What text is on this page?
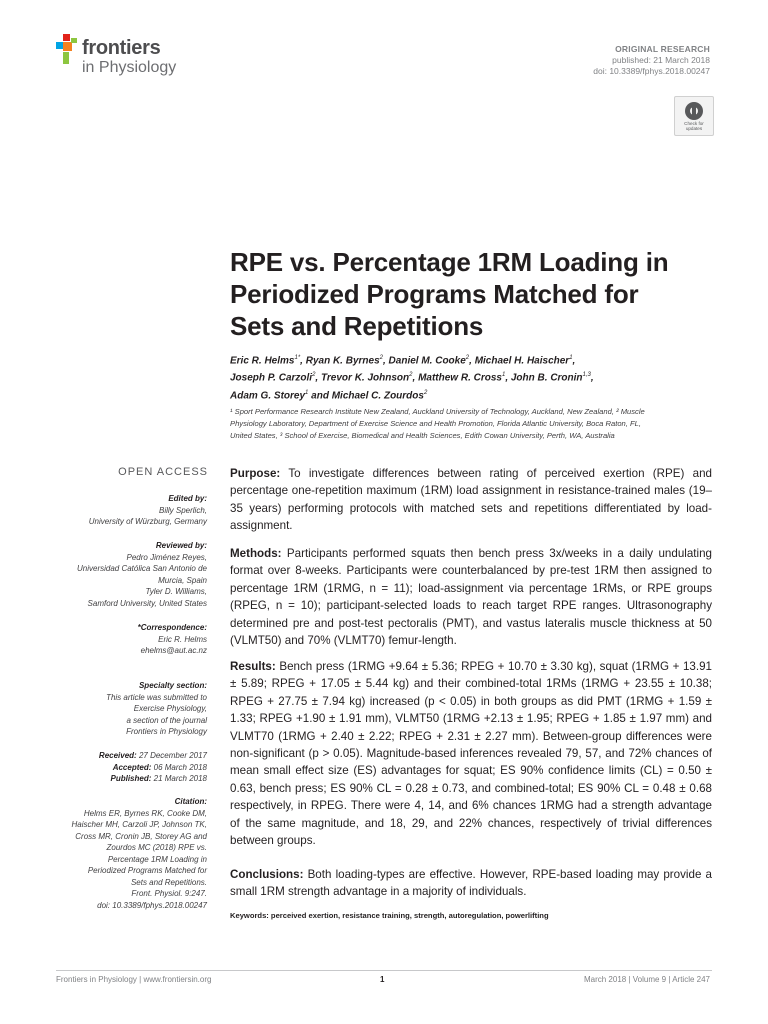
frontiers
in Physiology
ORIGINAL RESEARCH
published: 21 March 2018
doi: 10.3389/fphys.2018.00247
Check for
updates
RPE vs. Percentage 1RM Loading in
Periodized Programs Matched for
Sets and Repetitions
Eric R. Helms$^{1*}$, Ryan K. Byrnes$^2$, Daniel M. Cooke$^2$, Michael H. Haischer$^1$,
Joseph P. Carzoli$^2$, Trevor K. Johnson$^2$, Matthew R. Cross$^1$, John B. Cronin$^{1,3}$,
Adam G. Storey$^1$ and Michael C. Zourdos$^2$
¹ Sport Performance Research Institute New Zealand, Auckland University of Technology, Auckland, New Zealand, ² Muscle
Physiology Laboratory, Department of Exercise Science and Health Promotion, Florida Atlantic University, Boca Raton, FL,
United States, ³ School of Exercise, Biomedical and Health Sciences, Edith Cowan University, Perth, WA, Australia
OPEN ACCESS
Edited by:
Billy Sperlich,
University of Würzburg, Germany
Reviewed by:
Pedro Jiménez Reyes,
Universidad Católica San Antonio de
Murcia, Spain
Tyler D. Williams,
Samford University, United States
*Correspondence:
Eric R. Helms
ehelms@aut.ac.nz
Specialty section:
This article was submitted to
Exercise Physiology,
a section of the journal
Frontiers in Physiology
Received: 27 December 2017
Accepted: 06 March 2018
Published: 21 March 2018
Citation:
Helms ER, Byrnes RK, Cooke DM,
Haischer MH, Carzoli JP, Johnson TK,
Cross MR, Cronin JB, Storey AG and
Zourdos MC (2018) RPE vs.
Percentage 1RM Loading in
Periodized Programs Matched for
Sets and Repetitions.
Front. Physiol. 9:247.
doi: 10.3389/fphys.2018.00247
Purpose: To investigate differences between rating of perceived exertion (RPE) and percentage one-repetition maximum (1RM) load assignment in resistance-trained males (19–35 years) performing protocols with matched sets and repetitions differentiated by load-assignment.
Methods: Participants performed squats then bench press 3x/weeks in a daily undulating format over 8-weeks. Participants were counterbalanced by pre-test 1RM then assigned to percentage 1RM (1RMG, n = 11); load-assignment via percentage 1RMs, or RPE groups (RPEG, n = 10); participant-selected loads to reach target RPE ranges. Ultrasonography determined pre and post-test pectoralis (PMT), and vastus lateralis muscle thickness at 50 (VLMT50) and 70% (VLMT70) femur-length.
Results: Bench press (1RMG +9.64 ± 5.36; RPEG + 10.70 ± 3.30 kg), squat (1RMG + 13.91 ± 5.89; RPEG + 17.05 ± 5.44 kg) and their combined-total 1RMs (1RMG + 23.55 ± 10.38; RPEG + 27.75 ± 7.94 kg) increased (p < 0.05) in both groups as did PMT (1RMG + 1.59 ± 1.33; RPEG +1.90 ± 1.91 mm), VLMT50 (1RMG +2.13 ± 1.95; RPEG + 1.85 ± 1.97 mm) and VLMT70 (1RMG + 2.40 ± 2.22; RPEG + 2.31 ± 2.27 mm). Between-group differences were non-significant (p > 0.05). Magnitude-based inferences revealed 79, 57, and 72% chances of mean small effect size (ES) advantages for squat; ES 90% confidence limits (CL) = 0.50 ± 0.63, bench press; ES 90% CL = 0.28 ± 0.73, and combined-total; ES 90% CL = 0.48 ± 0.68 respectively, in RPEG. There were 4, 14, and 6% chances 1RMG had a strength advantage of the same magnitude, and 18, 29, and 22% chances, respectively of trivial differences between groups.
Conclusions: Both loading-types are effective. However, RPE-based loading may provide a small 1RM strength advantage in a majority of individuals.
Keywords: perceived exertion, resistance training, strength, autoregulation, powerlifting
Frontiers in Physiology | www.frontiersin.org	1	March 2018 | Volume 9 | Article 247
